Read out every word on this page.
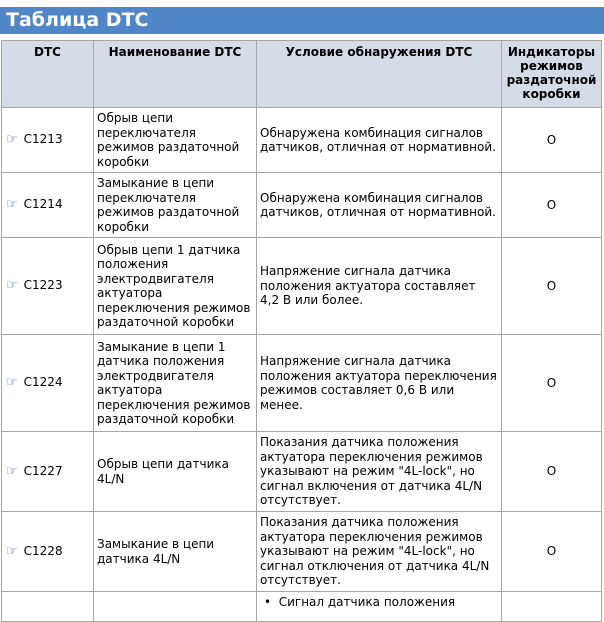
Таблица DTC
DTC	Наименование DTC	Условие обнаружения DTC	Индикаторы режимов раздаточной коробки
☞ C1213	Обрыв цепи переключателя режимов раздаточной коробки	Обнаружена комбинация сигналов датчиков, отличная от нормативной.	O
☞ C1214	Замыкание в цепи переключателя режимов раздаточной коробки	Обнаружена комбинация сигналов датчиков, отличная от нормативной.	O
☞ C1223	Обрыв цепи 1 датчика положения электродвигателя актуатора переключения режимов раздаточной коробки	Напряжение сигнала датчика положения актуатора составляет 4,2 В или более.	O
☞ C1224	Замыкание в цепи 1 датчика положения электродвигателя актуатора переключения режимов раздаточной коробки	Напряжение сигнала датчика положения актуатора переключения режимов составляет 0,6 В или менее.	O
☞ C1227	Обрыв цепи датчика 4L/N	Показания датчика положения актуатора переключения режимов указывают на режим "4L-lock", но сигнал включения от датчика 4L/N отсутствует.	O
☞ C1228	Замыкание в цепи датчика 4L/N	Показания датчика положения актуатора переключения режимов указывают на режим "4L-lock", но сигнал отключения от датчика 4L/N отсутствует.	O
		• Сигнал датчика положения	
